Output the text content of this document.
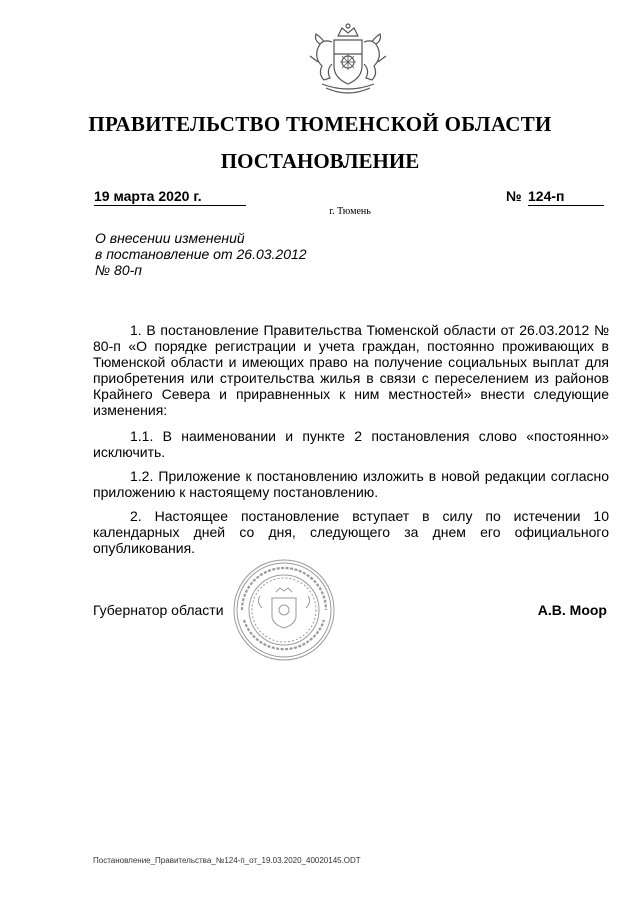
ПРАВИТЕЛЬСТВО ТЮМЕНСКОЙ ОБЛАСТИ
ПОСТАНОВЛЕНИЕ
19 марта 2020 г.	№ 124-п
г. Тюмень
О внесении изменений
в постановление от 26.03.2012
№ 80-п

1. В постановление Правительства Тюменской области от 26.03.2012 № 80-п «О порядке регистрации и учета граждан, постоянно проживающих в Тюменской области и имеющих право на получение социальных выплат для приобретения или строительства жилья в связи с переселением из районов Крайнего Севера и приравненных к ним местностей» внести следующие изменения:

1.1. В наименовании и пункте 2 постановления слово «постоянно» исключить.

1.2. Приложение к постановлению изложить в новой редакции согласно приложению к настоящему постановлению.

2. Настоящее постановление вступает в силу по истечении 10 календарных дней со дня, следующего за днем его официального опубликования.

Губернатор области	А.В. Моор
Постановление_Правительства_№124-п_от_19.03.2020_40020145.ODT
